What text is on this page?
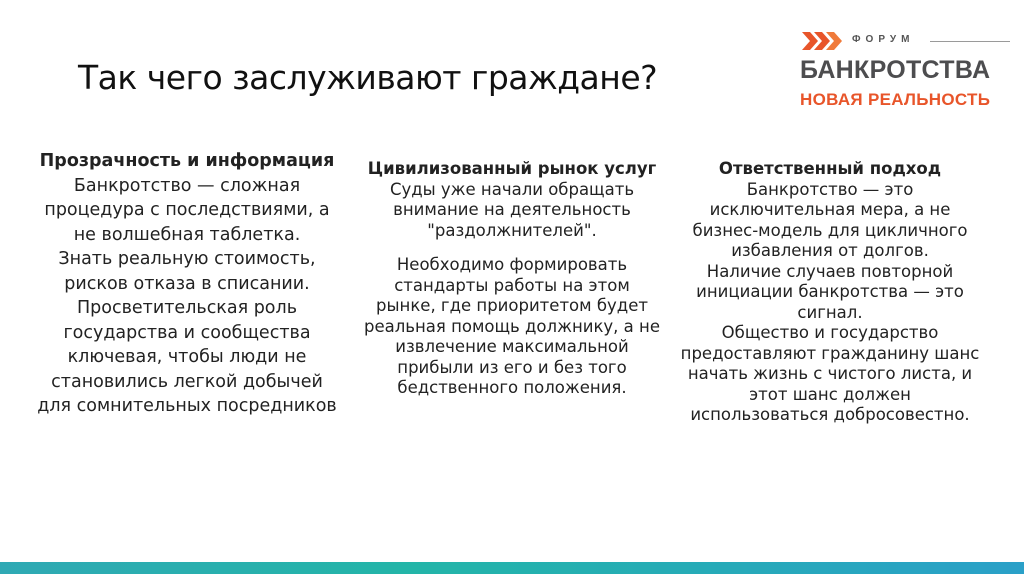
Так чего заслуживают граждане?
ФОРУМ
БАНКРОТСТВА
НОВАЯ РЕАЛЬНОСТЬ
Прозрачность и информация

Банкротство — сложная процедура с последствиями, а не волшебная таблетка.

Знать реальную стоимость, рисков отказа в списании.

Просветительская роль государства и сообщества ключевая, чтобы люди не становились легкой добычей для сомнительных посредников

Цивилизованный рынок услуг

Суды уже начали обращать внимание на деятельность "раздолжнителей".

Необходимо формировать стандарты работы на этом рынке, где приоритетом будет реальная помощь должнику, а не извлечение максимальной прибыли из его и без того бедственного положения.

Ответственный подход

Банкротство — это исключительная мера, а не бизнес-модель для цикличного избавления от долгов.

Наличие случаев повторной инициации банкротства — это сигнал.

Общество и государство предоставляют гражданину шанс начать жизнь с чистого листа, и этот шанс должен использоваться добросовестно.
